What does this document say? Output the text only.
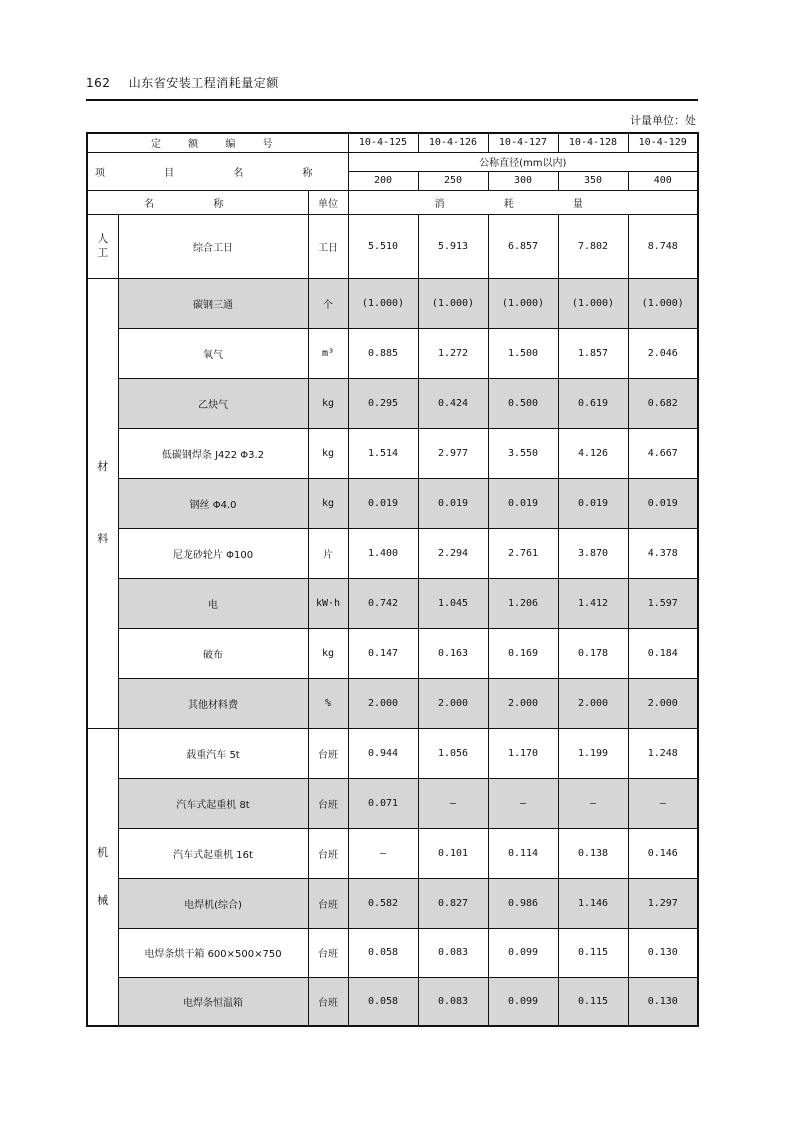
162 山东省安装工程消耗量定额
计量单位：处
定 额 编 号			10-4-125	10-4-126	10-4-127	10-4-128	10-4-129
项 目 名 称			公称直径(mm以内)				
			200	250	300	350	400
名 称		单位	消 耗 量				
人工	综合工日	工日	5.510	5.913	6.857	7.802	8.748
材料	碳钢三通	个	(1.000)	(1.000)	(1.000)	(1.000)	(1.000)
	氧气	m³	0.885	1.272	1.500	1.857	2.046
	乙炔气	kg	0.295	0.424	0.500	0.619	0.682
	低碳钢焊条 J422 Φ3.2	kg	1.514	2.977	3.550	4.126	4.667
	钢丝 Φ4.0	kg	0.019	0.019	0.019	0.019	0.019
	尼龙砂轮片 Φ100	片	1.400	2.294	2.761	3.870	4.378
	电	kW·h	0.742	1.045	1.206	1.412	1.597
	破布	kg	0.147	0.163	0.169	0.178	0.184
	其他材料费	%	2.000	2.000	2.000	2.000	2.000
机械	载重汽车 5t	台班	0.944	1.056	1.170	1.199	1.248
	汽车式起重机 8t	台班	0.071	—	—	—	—
	汽车式起重机 16t	台班	—	0.101	0.114	0.138	0.146
	电焊机(综合)	台班	0.582	0.827	0.986	1.146	1.297
	电焊条烘干箱 600×500×750	台班	0.058	0.083	0.099	0.115	0.130
	电焊条恒温箱	台班	0.058	0.083	0.099	0.115	0.130
